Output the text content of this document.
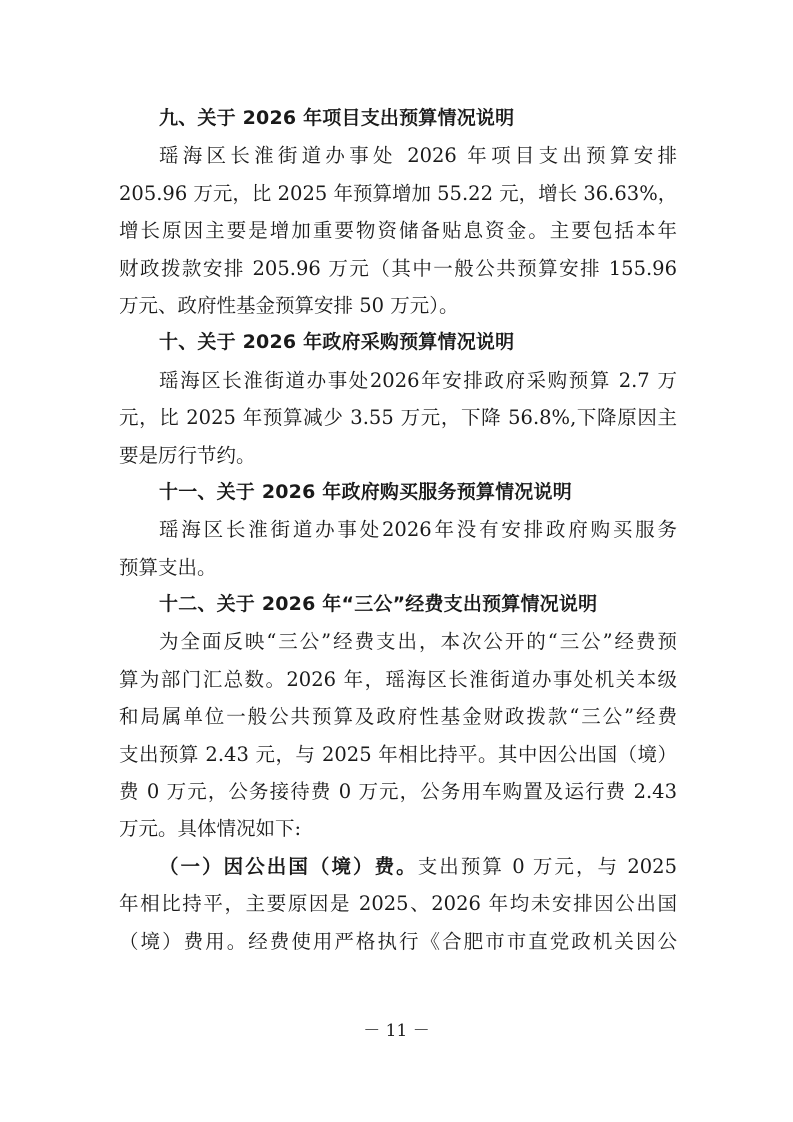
九、关于 2026 年项目支出预算情况说明
瑶海区长淮街道办事处 2026 年项目支出预算安排
205.96 万元，比 2025 年预算增加 55.22 元，增长 36.63%，
增长原因主要是增加重要物资储备贴息资金。主要包括本年
财政拨款安排 205.96 万元（其中一般公共预算安排 155.96
万元、政府性基金预算安排 50 万元）。
十、关于 2026 年政府采购预算情况说明
瑶海区长淮街道办事处2026年安排政府采购预算 2.7 万
元，比 2025 年预算减少 3.55 万元，下降 56.8%,下降原因主
要是厉行节约。
十一、关于 2026 年政府购买服务预算情况说明
瑶海区长淮街道办事处2026年没有安排政府购买服务
预算支出。
十二、关于 2026 年“三公”经费支出预算情况说明
为全面反映“三公”经费支出，本次公开的“三公”经费预
算为部门汇总数。2026 年，瑶海区长淮街道办事处机关本级
和局属单位一般公共预算及政府性基金财政拨款“三公”经费
支出预算 2.43 元，与 2025 年相比持平。其中因公出国（境）
费 0 万元，公务接待费 0 万元，公务用车购置及运行费 2.43
万元。具体情况如下:
（一）因公出国（境）费。支出预算 0 万元，与 2025
年相比持平，主要原因是 2025、2026 年均未安排因公出国
（境）费用。经费使用严格执行《合肥市市直党政机关因公
－ 11 －
